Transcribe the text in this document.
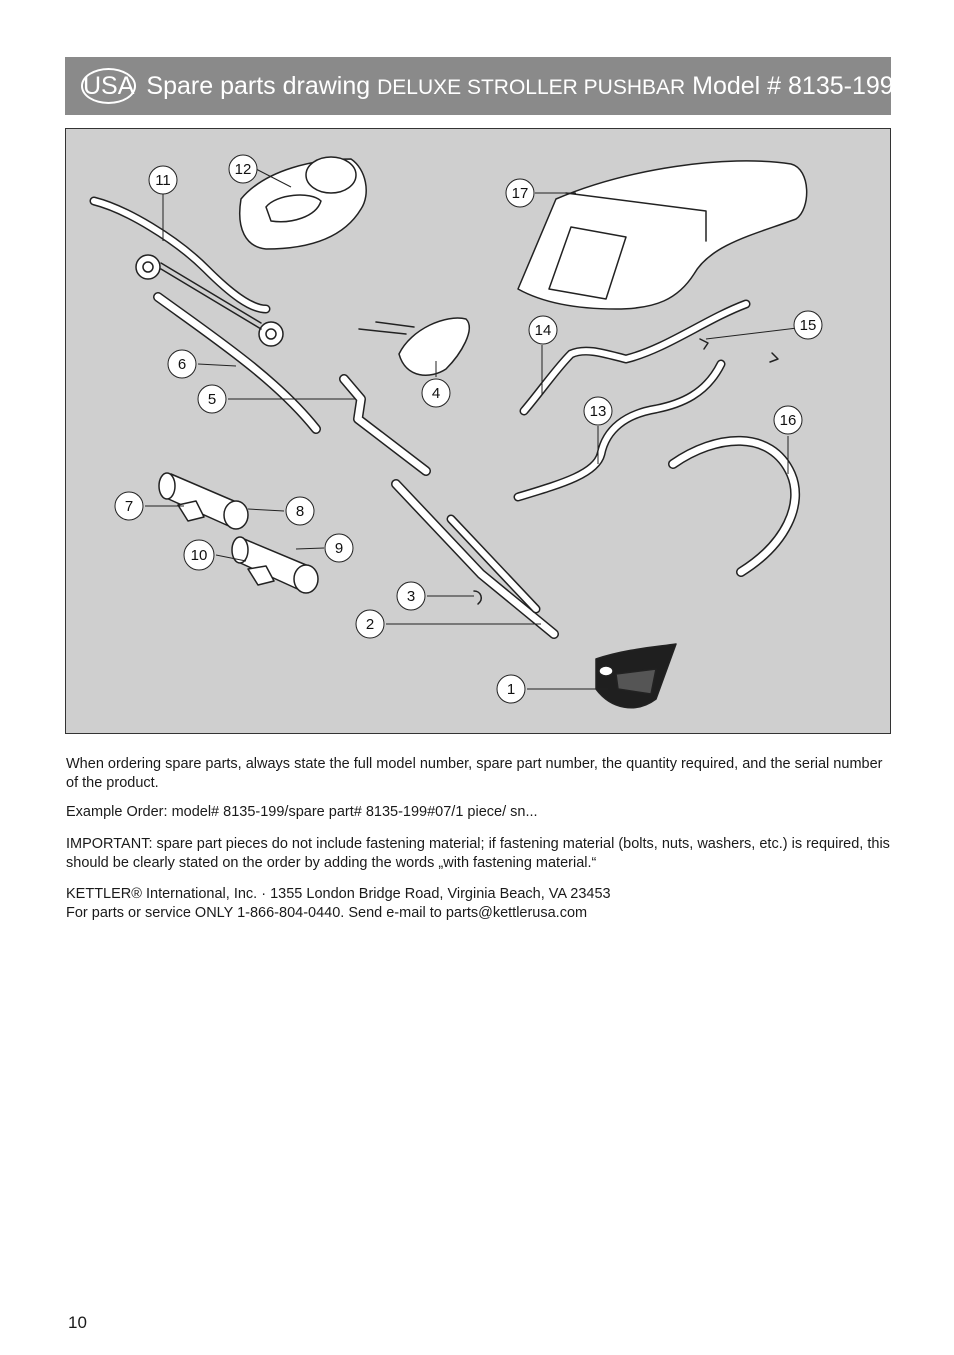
USA Spare parts drawing DELUXE STROLLER PUSHBAR Model # 8135-199
11
12
17
15
14
13
16
6
5	4
7	8
9
10
3
2
1
When ordering spare parts, always state the full model number, spare part number, the quantity required, and the serial number of the product.
Example Order: model# 8135-199/spare part# 8135-199#07/1 piece/ sn...
IMPORTANT: spare part pieces do not include fastening material; if fastening material (bolts, nuts, washers, etc.) is required, this should be clearly stated on the order by adding the words „with fastening material.“
KETTLER® International, Inc. · 1355 London Bridge Road, Virginia Beach, VA 23453
For parts or service ONLY 1-866-804-0440. Send e-mail to parts@kettlerusa.com
10
